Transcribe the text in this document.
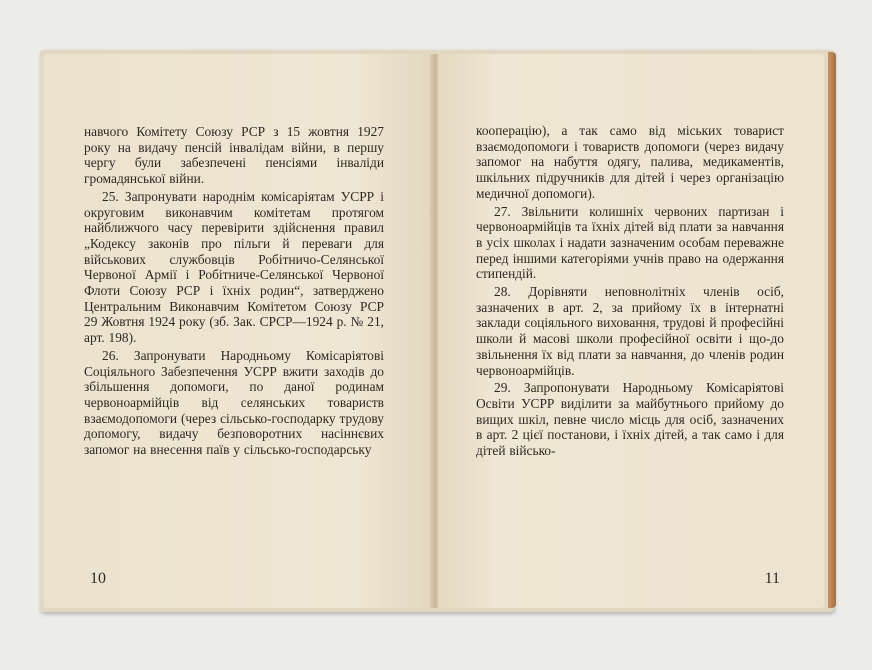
навчого Комітету Союзу РСР з 15 жовтня 1927 року на видачу пенсій інвалідам війни, в першу чергу були забезпечені пенсіями інваліди громадянської війни.

25. Запронувати народнім комісаріятам УСРР і округовим виконавчим комітетам протягом найближчого часу перевірити здійснення правил „Кодексу законів про пільги й переваги для військових службовців Робітничо-Селянської Червоної Армії і Робітниче-Селянської Червоної Флоти Союзу РСР і їхніх родин“, затверджено Центральним Виконавчим Комітетом Союзу РСР 29 Жовтня 1924 року (зб. Зак. СРСР—1924 р. № 21, арт. 198).

26. Запронувати Народньому Комісаріятові Соціяльного Забезпечення УСРР вжити заходів до збільшення допомоги, по даної родинам червоноармійців від селянських товариств взаємодопомоги (через сільсько-господарку трудову допомогу, видачу безповоротних насіннєвих запомог на внесення паїв у сільсько-господарську

10

кооперацію), а так само від міських товарист взаємодопомоги і товариств допомоги (через видачу запомог на набуття одягу, палива, медикаментів, шкільних підручників для дітей і через організацію медичної допомоги).

27. Звільнити колишніх червоних партизан і червоноармійців та їхніх дітей від плати за навчання в усіх школах і надати зазначеним особам переважне перед іншими категоріями учнів право на одержання стипендій.

28. Дорівняти неповнолітніх членів осіб, зазначених в арт. 2, за прийому їх в інтернатні заклади соціяльного виховання, трудові й професійні школи й масові школи професійної освіти і що-до звільнення їх від плати за навчання, до членів родин червоноармійців.

29. Запропонувати Народньому Комісаріятові Освіти УСРР виділити за майбутнього прийому до вищих шкіл, певне число місць для осіб, зазначених в арт. 2 цієї постанови, і їхніх дітей, а так само і для дітей військо-

11
